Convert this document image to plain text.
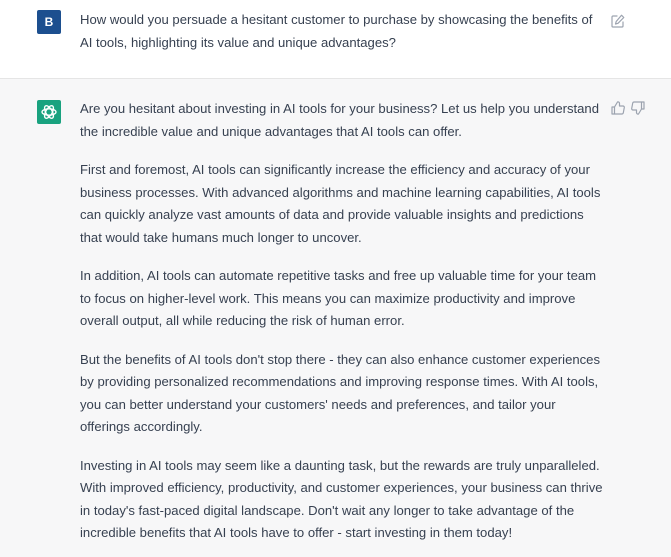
B	How would you persuade a hesitant customer to purchase by showcasing the benefits of AI tools, highlighting its value and unique advantages?

Are you hesitant about investing in AI tools for your business? Let us help you understand the incredible value and unique advantages that AI tools can offer.

First and foremost, AI tools can significantly increase the efficiency and accuracy of your business processes. With advanced algorithms and machine learning capabilities, AI tools can quickly analyze vast amounts of data and provide valuable insights and predictions that would take humans much longer to uncover.

In addition, AI tools can automate repetitive tasks and free up valuable time for your team to focus on higher-level work. This means you can maximize productivity and improve overall output, all while reducing the risk of human error.

But the benefits of AI tools don't stop there - they can also enhance customer experiences by providing personalized recommendations and improving response times. With AI tools, you can better understand your customers' needs and preferences, and tailor your offerings accordingly.

Investing in AI tools may seem like a daunting task, but the rewards are truly unparalleled. With improved efficiency, productivity, and customer experiences, your business can thrive in today's fast-paced digital landscape. Don't wait any longer to take advantage of the incredible benefits that AI tools have to offer - start investing in them today!
